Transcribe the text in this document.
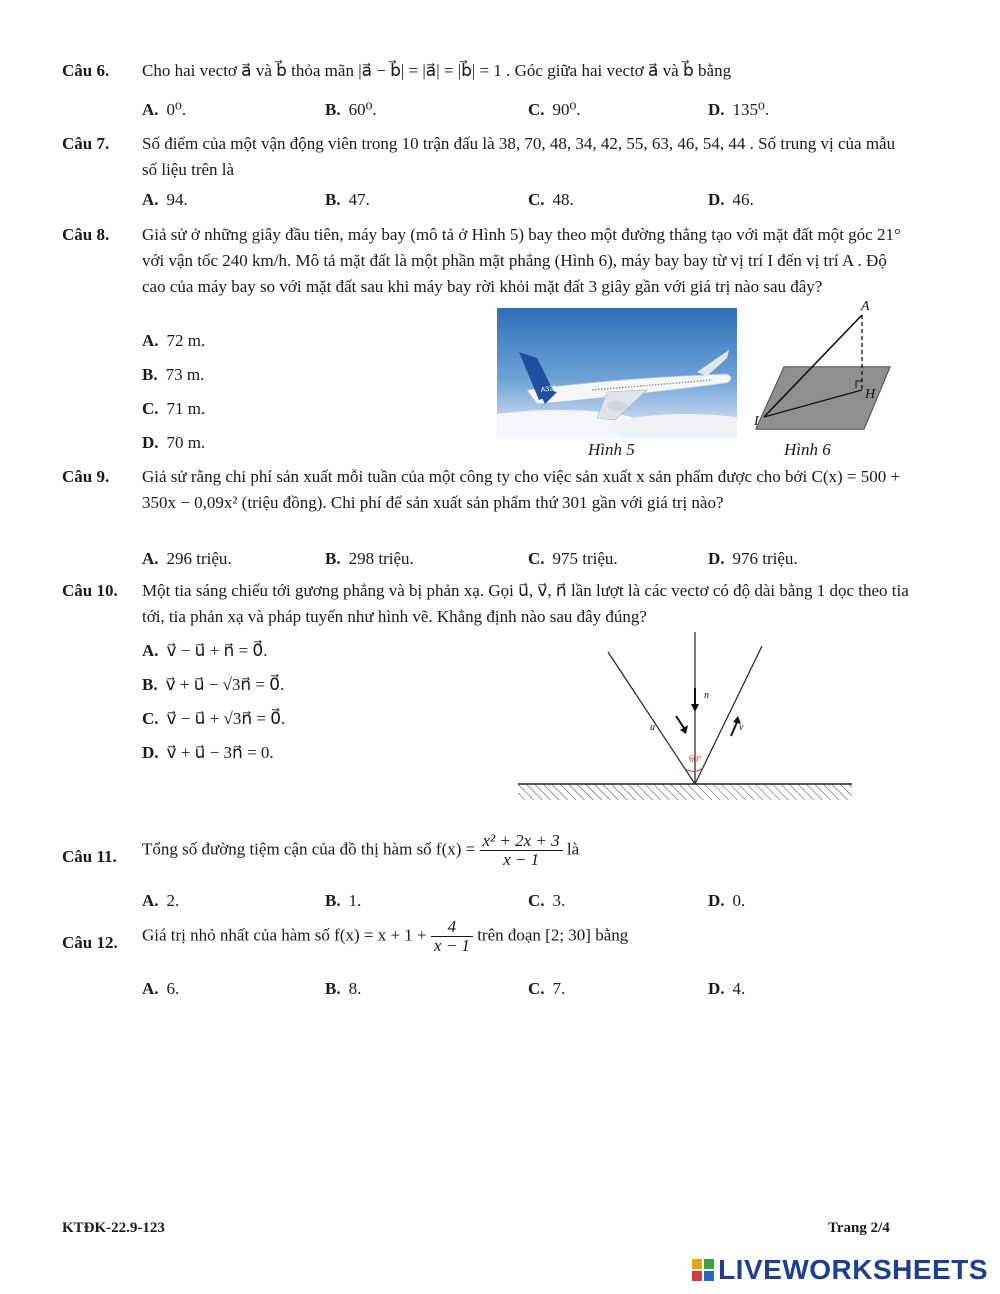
Câu 6. Cho hai vectơ a⃗ và b⃗ thỏa mãn |a⃗ − b⃗| = |a⃗| = |b⃗| = 1 . Góc giữa hai vectơ a⃗ và b⃗ bằng
A. 0⁰.	B. 60⁰.	C. 90⁰.	D. 135⁰.
Câu 7. Số điểm của một vận động viên trong 10 trận đấu là 38, 70, 48, 34, 42, 55, 63, 46, 54, 44 . Số trung vị của mẫu số liệu trên là
A. 94.	B. 47.	C. 48.	D. 46.
Câu 8. Giả sử ở những giây đầu tiên, máy bay (mô tả ở Hình 5) bay theo một đường thẳng tạo với mặt đất một góc 21° với vận tốc 240 km/h. Mô tả mặt đất là một phần mặt phẳng (Hình 6), máy bay bay từ vị trí I đến vị trí A . Độ cao của máy bay so với mặt đất sau khi máy bay rời khỏi mặt đất 3 giây gần với giá trị nào sau đây?
A. 72 m.
B. 73 m.
C. 71 m.
D. 70 m.
A321
Hình 5
A
H
I
Hình 6
Câu 9. Giả sử rằng chi phí sản xuất mỗi tuần của một công ty cho việc sản xuất x sản phẩm được cho bởi C(x) = 500 + 350x − 0,09x² (triệu đồng). Chi phí để sản xuất sản phẩm thứ 301 gần với giá trị nào?
A. 296 triệu.	B. 298 triệu.	C. 975 triệu.	D. 976 triệu.
Câu 10. Một tia sáng chiếu tới gương phẳng và bị phản xạ. Gọi u⃗, v⃗, n⃗ lần lượt là các vectơ có độ dài bằng 1 dọc theo tia tới, tia phản xạ và pháp tuyến như hình vẽ. Khẳng định nào sau đây đúng?
A. v⃗ − u⃗ + n⃗ = 0⃗.
B. v⃗ + u⃗ − √3n⃗ = 0⃗.
C. v⃗ − u⃗ + √3n⃗ = 0⃗.
D. v⃗ + u⃗ − 3n⃗ = 0.
n⃗
u⃗	v⃗
60°
Câu 11. Tổng số đường tiệm cận của đồ thị hàm số $f(x) = \frac{\text{x² + 2x + 3}}{x - 1}$ là
A. 2.	B. 1.	C. 3.	D. 0.
Câu 12. Giá trị nhỏ nhất của hàm số $f(x) = x + 1 + \frac{4}{x - 1}$ trên đoạn [2; 30] bằng
A. 6.	B. 8.	C. 7.	D. 4.
KTĐK-22.9-123	Trang 2/4
LIVEWORKSHEETS
